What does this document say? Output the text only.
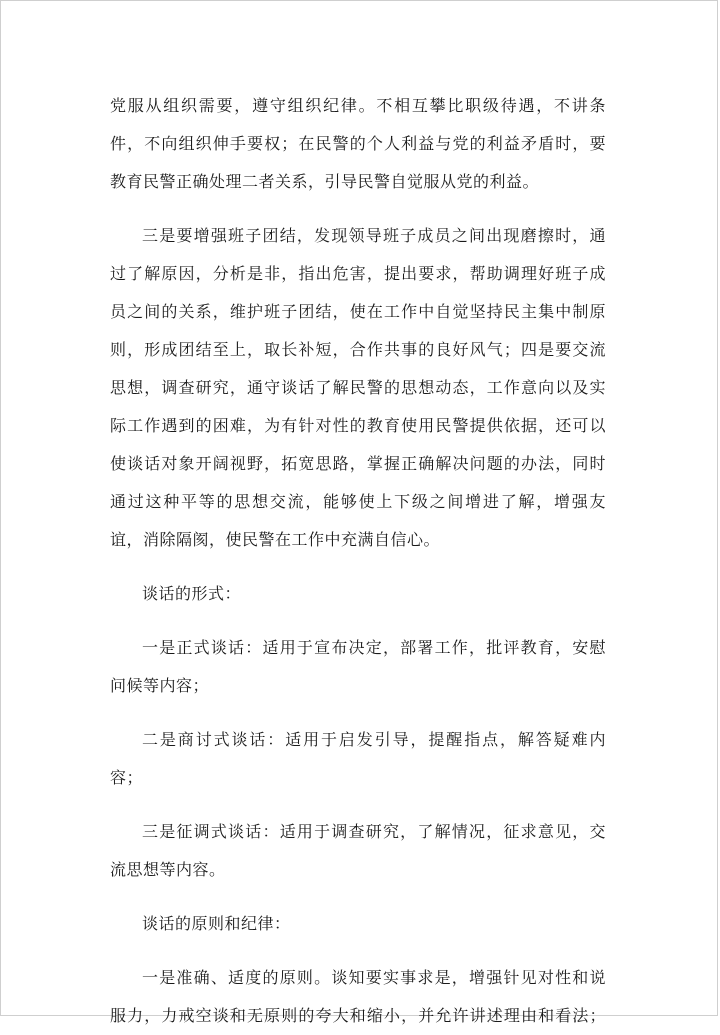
党服从组织需要，遵守组织纪律。不相互攀比职级待遇，不讲条
件，不向组织伸手要权；在民警的个人利益与党的利益矛盾时，要
教育民警正确处理二者关系，引导民警自觉服从党的利益。
三是要增强班子团结，发现领导班子成员之间出现磨擦时，通
过了解原因，分析是非，指出危害，提出要求，帮助调理好班子成
员之间的关系，维护班子团结，使在工作中自觉坚持民主集中制原
则，形成团结至上，取长补短，合作共事的良好风气；四是要交流
思想，调查研究，通守谈话了解民警的思想动态，工作意向以及实
际工作遇到的困难，为有针对性的教育使用民警提供依据，还可以
使谈话对象开阔视野，拓宽思路，掌握正确解决问题的办法，同时
通过这种平等的思想交流，能够使上下级之间增进了解，增强友
谊，消除隔阂，使民警在工作中充满自信心。
谈话的形式：
一是正式谈话：适用于宣布决定，部署工作，批评教育，安慰
问候等内容；
二是商讨式谈话：适用于启发引导，提醒指点，解答疑难内
容；
三是征调式谈话：适用于调查研究，了解情况，征求意见，交
流思想等内容。
谈话的原则和纪律：
一是准确、适度的原则。谈知要实事求是，增强针见对性和说
服力，力戒空谈和无原则的夸大和缩小，并允许讲述理由和看法；
